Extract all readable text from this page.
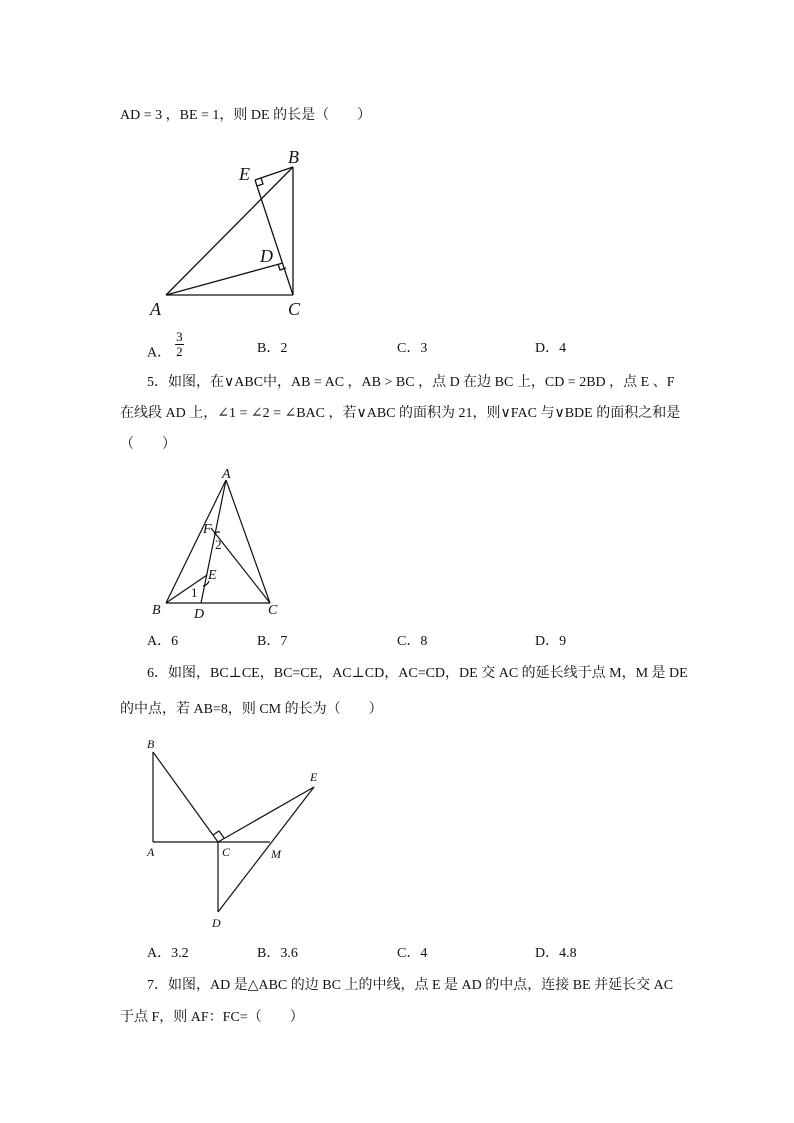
AD = 3 ，BE = 1，则 DE 的长是（　　）
A
B
C
D
E
A． $\frac{3}{2}$	B．2	C．3	D．4
5．如图，在∨ABC中，AB = AC ，AB > BC ，点 D 在边 BC 上，CD = 2BD ，点 E 、F
在线段 AD 上，∠1 = ∠2 = ∠BAC ，若∨ABC 的面积为 21，则∨FAC 与∨BDE 的面积之和是
（　　）
A
B	C
D
E
F
1
2
A．6	B．7	C．8	D．9
6．如图，BC⊥CE，BC=CE，AC⊥CD，AC=CD，DE 交 AC 的延长线于点 M，M 是 DE
的中点，若 AB=8，则 CM 的长为（　　）
B
A	C	M
E
D
A．3.2	B．3.6	C．4	D．4.8
7．如图，AD 是△ABC 的边 BC 上的中线，点 E 是 AD 的中点，连接 BE 并延长交 AC
于点 F，则 AF：FC=（　　）
